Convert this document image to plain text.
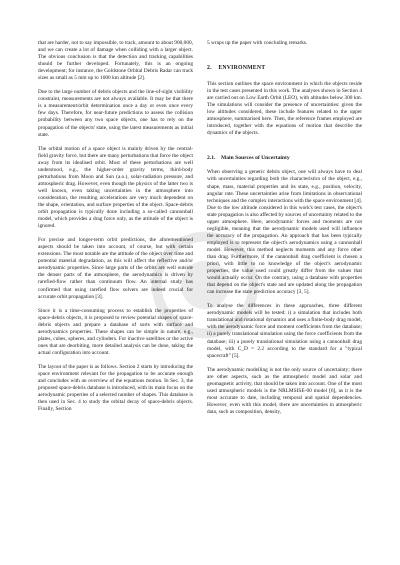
that are harder, not to say impossible, to track, amount to about 900,000, and we can create a lot of damage when colliding with a larger object. The obvious conclusion is that the detection and tracking capabilities should be further developed. Fortunately, this is an ongoing development; for instance, the Goldstone Orbital Debris Radar can track sizes as small as 5 mm up to 1000 km altitude [2].

Due to the large number of debris objects and the line-of-sight visibility constraint, measurements are not always available. It may be that there is a measurement/orbit determination once a day or even once every few days. Therefore, for near-future predictions to assess the collision probability between any two space objects, one has to rely on the propagation of the objects' state, using the latest measurements as initial state.

The orbital motion of a space object is mainly driven by the central-field gravity force, but there are many perturbations that force the object away from its idealised orbit. Most of these perturbations are well understood, e.g., the higher-order gravity terms, third-body perturbations from Moon and Sun (a.o.), solar-radiation pressure, and atmospheric drag. However, even though the physics of the latter two is well known, even taking uncertainties in the atmosphere into consideration, the resulting accelerations are very much dependent on the shape, orientation, and surface properties of the object. Space-debris orbit propagation is typically done including a so-called cannonball model, which provides a drag force only, as the attitude of the object is ignored.

For precise and longer-term orbit predictions, the aforementioned aspects should be taken into account, of course, but with certain extensions. The most notable are the attitude of the object over time and potential material degradation, as this will affect the reflective and/or aerodynamic properties. Since large parts of the orbits are well outside the denser parts of the atmosphere, the aerodynamics is driven by rarefied-flow rather than continuum flow. An internal study has confirmed that using rarefied flow solvers are indeed crucial for accurate orbit propagation [3].

Since it is a time-consuming process to establish the properties of space-debris objects, it is proposed to review potential shapes of space-debris objects and prepare a database of sorts with surface and aerodynamics properties. These shapes can be simple in nature, e.g., plates, cubes, spheres, and cylinders. For inactive satellites or the active ones that are deorbiting, more detailed analysis can be done, taking the actual configuration into account.

The layout of the paper is as follows. Section 2 starts by introducing the space environment relevant for the propagation to be accurate enough and concludes with an overview of the equations motion. In Sec. 3, the proposed space-debris database is introduced, with its main focus on the aerodynamic properties of a selected number of shapes. This database is then used in Sec. 4 to study the orbital decay of space-debris objects. Finally, Section

5 wraps up the paper with concluding remarks.

2.    ENVIRONMENT

This section outlines the space environment in which the objects reside in the test cases presented in this work. The analyses shown in Section 4 are carried out on Low Earth Orbit (LEO), with altitudes below 300 km. The simulations will consider the presence of uncertainties: given the low altitudes considered, these include features related to the upper atmosphere, summarised here. Then, the reference frames employed are introduced, together with the equations of motion that describe the dynamics of the objects.

2.1.    Main Sources of Uncertainty

When observing a generic debris object, one will always have to deal with uncertainties regarding both the characteristics of the object, e.g., shape, mass, material properties and its state, e.g., position, velocity, angular rate. These uncertainties arise from limitations in observational techniques and the complex interactions with the space environment [4]. Due to the low altitude considered in this work's test cases, the object's state propagation is also affected by sources of uncertainty related to the upper atmosphere. Here, aerodynamic forces and moments are not negligible, meaning that the aerodynamic models used will influence the accuracy of the propagation. An approach that has been typically employed is to represent the object's aerodynamics using a cannonball model. However, this method neglects moments and any force other than drag. Furthermore, if the cannonball drag coefficient is chosen a priori, with little to no knowledge of the object's aerodynamic properties, the value used could greatly differ from the values that would actually occur. On the contrary, using a database with properties that depend on the object's state and are updated along the propagation can increase the state prediction accuracy [3, 5].

To analyse the differences in these approaches, three different aerodynamic models will be tested: i) a simulation that includes both translational and rotational dynamics and uses a finite-body drag model, with the aerodynamic force and moment coefficients from the database; ii) a purely translational simulation using the force coefficients from the database; iii) a purely translational simulation using a cannonball drag model, with C_D = 2.2 according to the standard for a "typical spacecraft" [5].

The aerodynamic modelling is not the only source of uncertainty; there are other aspects, such as the atmospheric model and solar and geomagnetic activity, that should be taken into account. One of the most used atmospheric models is the NRLMSISE-00 model [6], as it is the most accurate to date, including temporal and spatial dependencies. However, even with this model, there are uncertainties in atmospheric data, such as composition, density,
